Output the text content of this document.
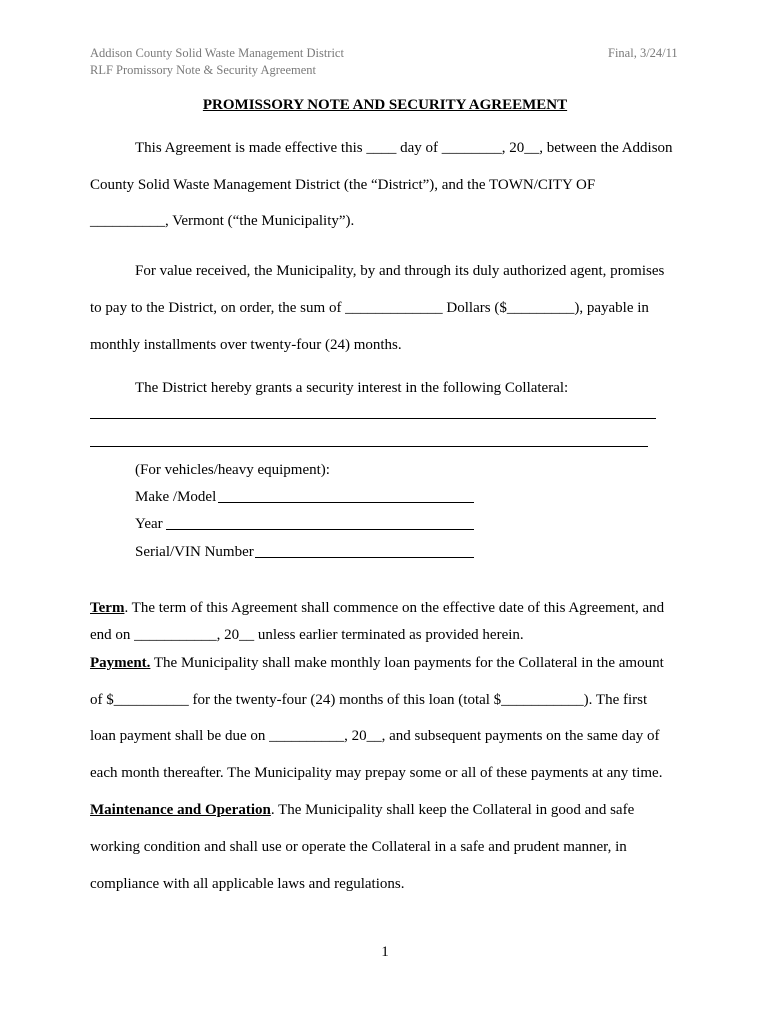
Addison County Solid Waste Management District
RLF Promissory Note & Security Agreement
Final, 3/24/11
PROMISSORY NOTE AND SECURITY AGREEMENT
This Agreement is made effective this ____ day of ________, 20__, between the Addison
County Solid Waste Management District (the “District”), and the TOWN/CITY OF
__________, Vermont (“the Municipality”).
For value received, the Municipality, by and through its duly authorized agent, promises
to pay to the District, on order, the sum of _____________ Dollars ($_________), payable in
monthly installments over twenty-four (24) months.
The District hereby grants a security interest in the following Collateral:
(For vehicles/heavy equipment):
Make /Model
Year
Serial/VIN Number
Term. The term of this Agreement shall commence on the effective date of this Agreement, and
end on ___________, 20__ unless earlier terminated as provided herein.
Payment. The Municipality shall make monthly loan payments for the Collateral in the amount
of $__________ for the twenty-four (24) months of this loan (total $___________). The first
loan payment shall be due on __________, 20__, and subsequent payments on the same day of
each month thereafter. The Municipality may prepay some or all of these payments at any time.
Maintenance and Operation. The Municipality shall keep the Collateral in good and safe
working condition and shall use or operate the Collateral in a safe and prudent manner, in
compliance with all applicable laws and regulations.
1
